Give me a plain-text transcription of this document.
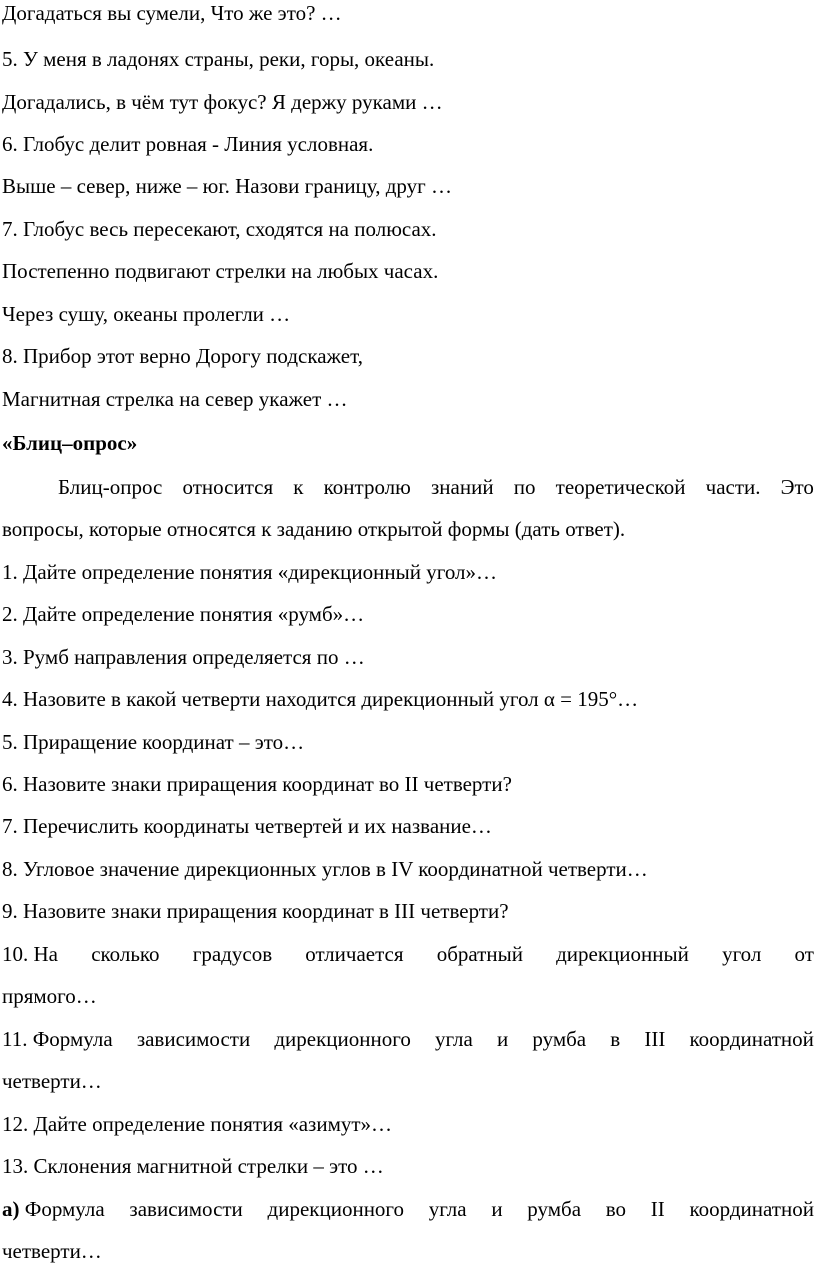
Догадаться вы сумели, Что же это? …
5. У меня в ладонях страны, реки, горы, океаны.
Догадались, в чём тут фокус? Я держу руками …
6. Глобус делит ровная - Линия условная.
Выше – север, ниже – юг. Назови границу, друг …
7. Глобус весь пересекают, сходятся на полюсах.
Постепенно подвигают стрелки на любых часах.
Через сушу, океаны пролегли …
8. Прибор этот верно Дорогу подскажет,
Магнитная стрелка на север укажет …
«Блиц–опрос»
Блиц-опрос относится к контролю знаний по теоретической части. Это
вопросы, которые относятся к заданию открытой формы (дать ответ).
1. Дайте определение понятия «дирекционный угол»…
2. Дайте определение понятия «румб»…
3. Румб направления определяется по …
4. Назовите в какой четверти находится дирекционный угол α = 195°…
5. Приращение координат – это…
6. Назовите знаки приращения координат во II четверти?
7. Перечислить координаты четвертей и их название…
8. Угловое значение дирекционных углов в IV координатной четверти…
9. Назовите знаки приращения координат в III четверти?
10. На сколько градусов отличается обратный дирекционный угол от
прямого…
11. Формула зависимости дирекционного угла и румба в III координатной
четверти…
12. Дайте определение понятия «азимут»…
13. Склонения магнитной стрелки – это …
а) Формула зависимости дирекционного угла и румба во II координатной
четверти…
